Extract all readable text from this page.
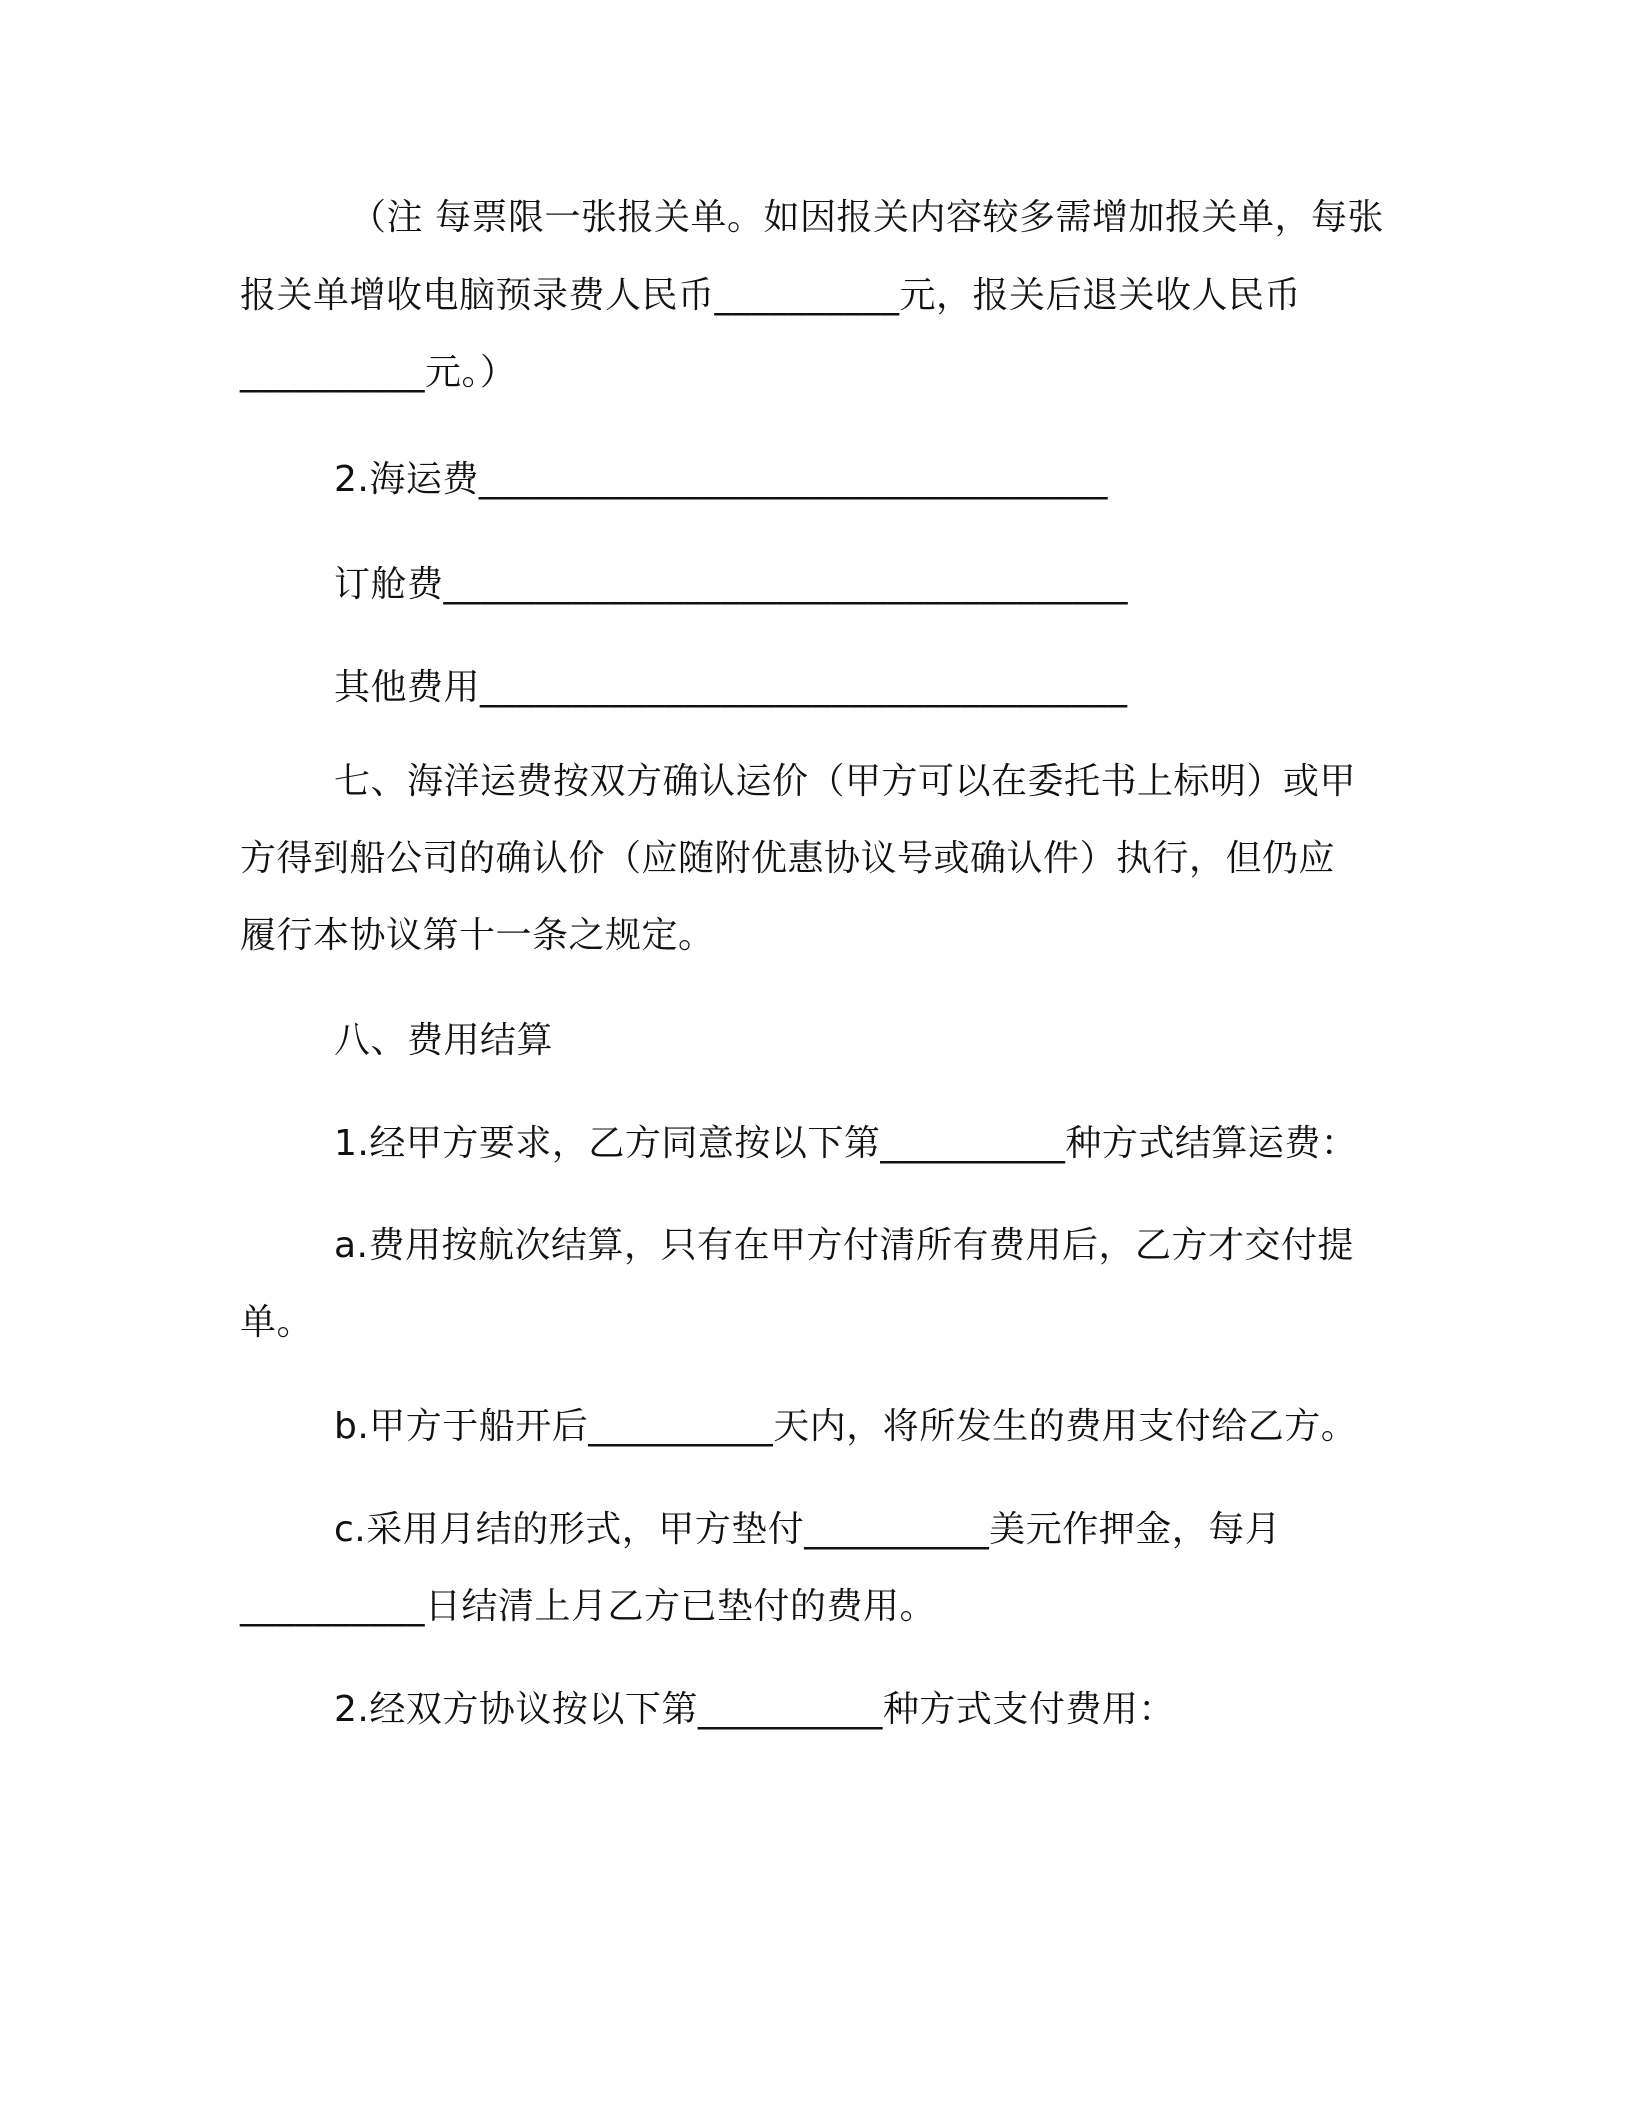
（注 每票限一张报关单。如因报关内容较多需增加报关单，每张
报关单增收电脑预录费人民币__________元，报关后退关收人民币
__________元。）
2.海运费__________________________________
订舱费_____________________________________
其他费用___________________________________
七、海洋运费按双方确认运价（甲方可以在委托书上标明）或甲
方得到船公司的确认价（应随附优惠协议号或确认件）执行，但仍应
履行本协议第十一条之规定。
八、费用结算
1.经甲方要求，乙方同意按以下第__________种方式结算运费：
a.费用按航次结算，只有在甲方付清所有费用后，乙方才交付提
单。
b.甲方于船开后__________天内，将所发生的费用支付给乙方。
c.采用月结的形式，甲方垫付__________美元作押金，每月
__________日结清上月乙方已垫付的费用。
2.经双方协议按以下第__________种方式支付费用：
